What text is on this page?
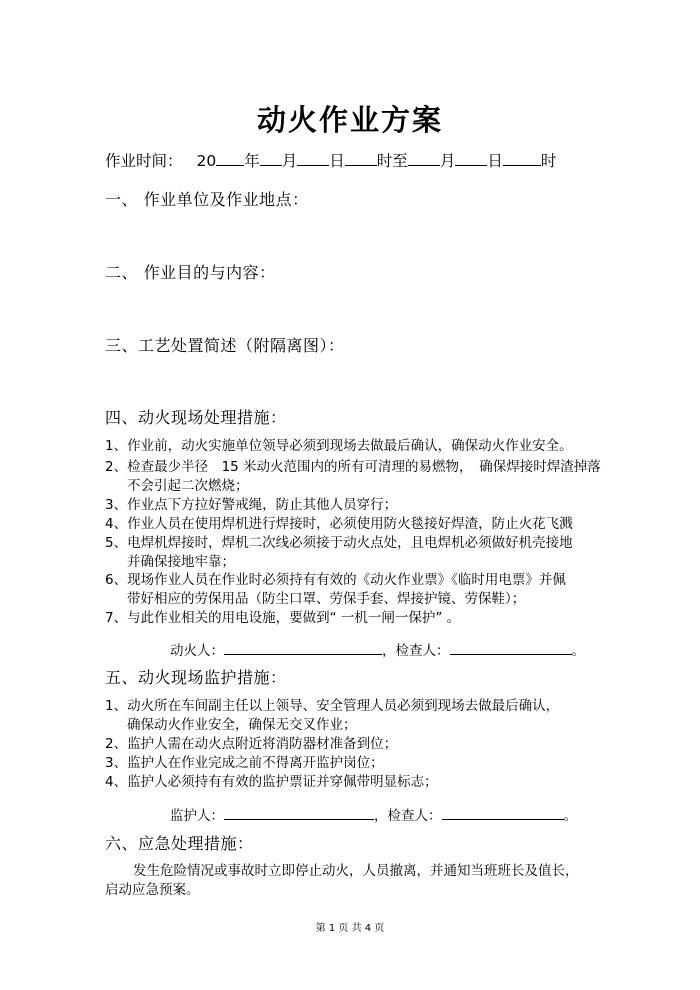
动火作业方案
作业时间： 20 年 月 日 时至 月 日 时
一、 作业单位及作业地点：
二、 作业目的与内容：
三、工艺处置简述（附隔离图）：
四、动火现场处理措施：
1、作业前，动火实施单位领导必须到现场去做最后确认，确保动火作业安全。
2、检查最少半径　15 米动火范围内的所有可清理的易燃物，　确保焊接时焊渣掉落
不会引起二次燃烧；
3、作业点下方拉好警戒绳，防止其他人员穿行；
4、作业人员在使用焊机进行焊接时，必须使用防火毯接好焊渣，防止火花飞溅
5、电焊机焊接时，焊机二次线必须接于动火点处，且电焊机必须做好机壳接地
并确保接地牢靠；
6、现场作业人员在作业时必须持有有效的《动火作业票》《临时用电票》并佩
带好相应的劳保用品（防尘口罩、劳保手套、焊接护镜、劳保鞋）；
7、与此作业相关的用电设施，要做到“ 一机一闸一保护” 。
动火人：	，检查人：	。
五、动火现场监护措施：
1、动火所在车间副主任以上领导、安全管理人员必须到现场去做最后确认，
确保动火作业安全，确保无交叉作业；
2、监护人需在动火点附近将消防器材准备到位；
3、监护人在作业完成之前不得离开监护岗位；
4、监护人必须持有有效的监护票证并穿佩带明显标志；
监护人：	，检查人：	。
六、应急处理措施：
发生危险情况或事故时立即停止动火，人员撤离，并通知当班班长及值长，
启动应急预案。
第 1 页 共 4 页
